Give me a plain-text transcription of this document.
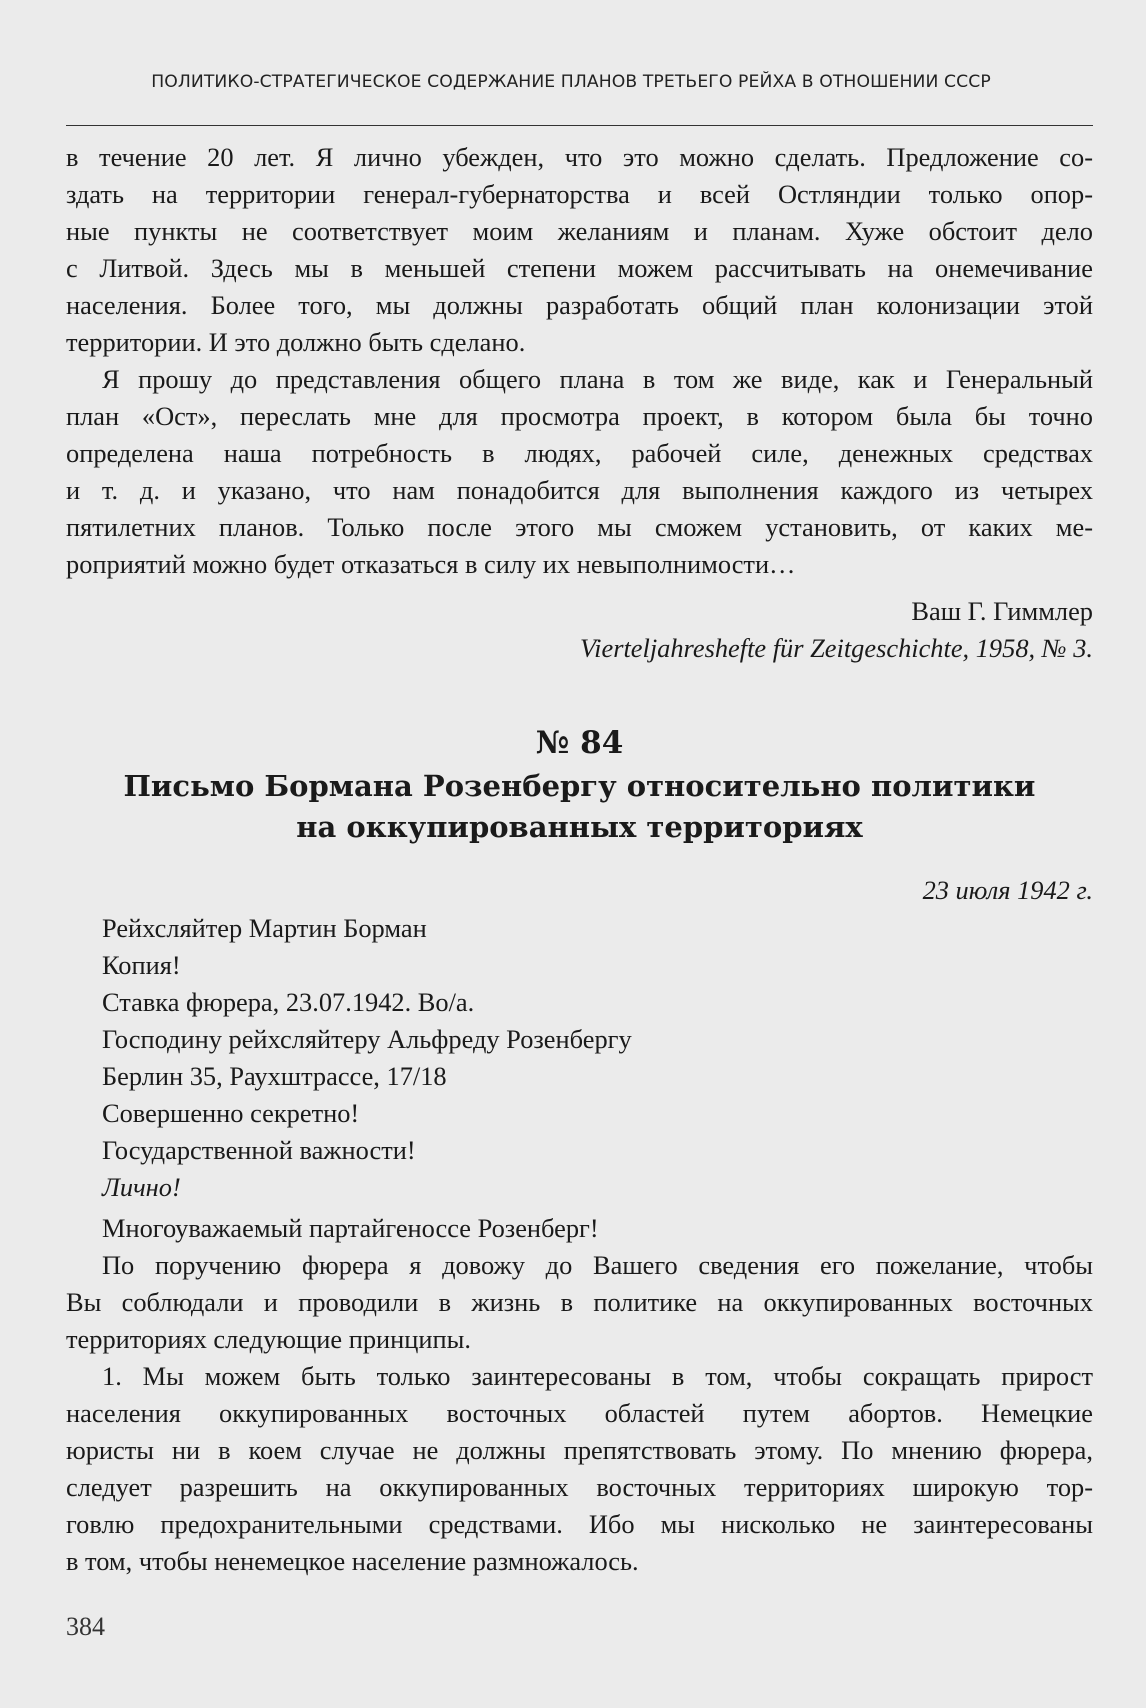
ПОЛИТИКО-СТРАТЕГИЧЕСКОЕ СОДЕРЖАНИЕ ПЛАНОВ ТРЕТЬЕГО РЕЙХА В ОТНОШЕНИИ СССР

в течение 20 лет. Я лично убежден, что это можно сделать. Предложение со-
здать на территории генерал-губернаторства и всей Остляндии только опор-
ные пункты не соответствует моим желаниям и планам. Хуже обстоит дело
с Литвой. Здесь мы в меньшей степени можем рассчитывать на онемечивание
населения. Более того, мы должны разработать общий план колонизации этой
территории. И это должно быть сделано.

Я прошу до представления общего плана в том же виде, как и Генеральный
план «Ост», переслать мне для просмотра проект, в котором была бы точно
определена наша потребность в людях, рабочей силе, денежных средствах
и т. д. и указано, что нам понадобится для выполнения каждого из четырех
пятилетних планов. Только после этого мы сможем установить, от каких ме-
роприятий можно будет отказаться в силу их невыполнимости…

Ваш Г. Гиммлер
Vierteljahreshefte für Zeitgeschichte, 1958, № 3.
№ 84
Письмо Бормана Розенбергу относительно политики
на оккупированных территориях
23 июля 1942 г.
Рейхсляйтер Мартин Борман
Копия!
Ставка фюрера, 23.07.1942. Bo/a.
Господину рейхсляйтеру Альфреду Розенбергу
Берлин 35, Раухштрассе, 17/18
Совершенно секретно!
Государственной важности!
Лично!
Многоуважаемый партайгеноссе Розенберг!

По поручению фюрера я довожу до Вашего сведения его пожелание, чтобы
Вы соблюдали и проводили в жизнь в политике на оккупированных восточных
территориях следующие принципы.

1. Мы можем быть только заинтересованы в том, чтобы сокращать прирост
населения оккупированных восточных областей путем абортов. Немецкие
юристы ни в коем случае не должны препятствовать этому. По мнению фюрера,
следует разрешить на оккупированных восточных территориях широкую тор-
говлю предохранительными средствами. Ибо мы нисколько не заинтересованы
в том, чтобы ненемецкое население размножалось.

384
